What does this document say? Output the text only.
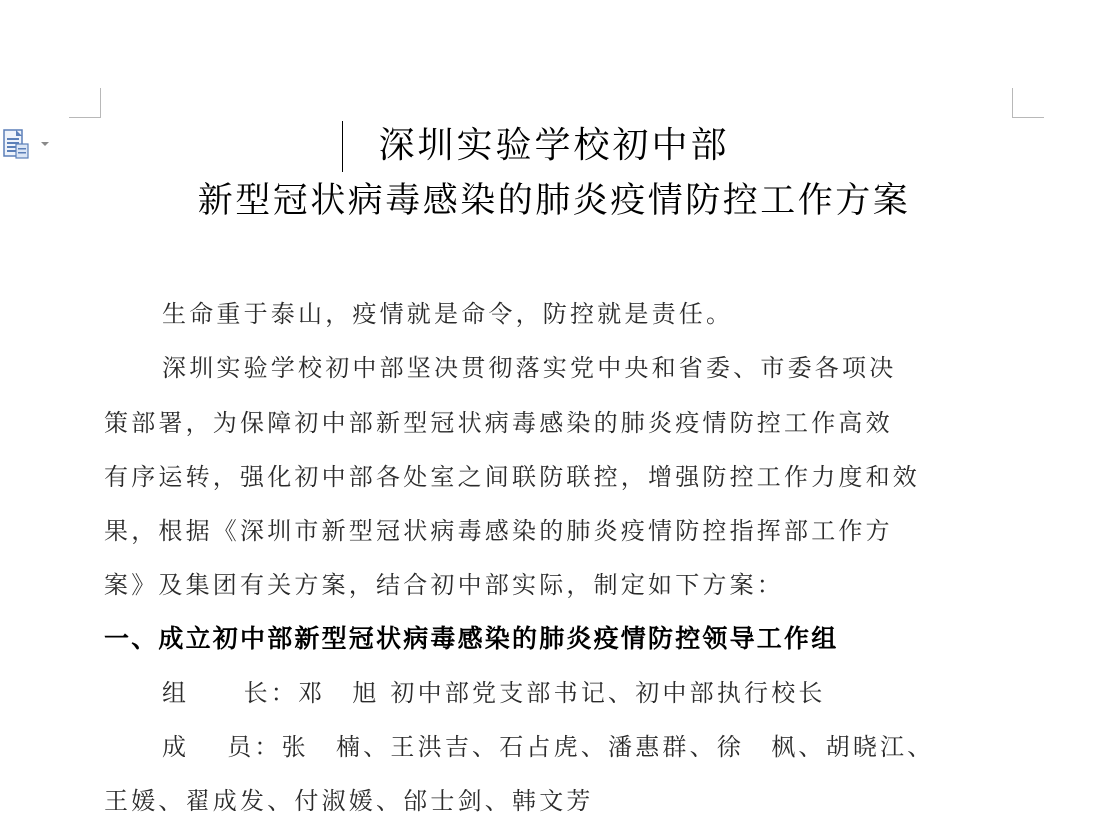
深圳实验学校初中部
新型冠状病毒感染的肺炎疫情防控工作方案
生命重于泰山，疫情就是命令，防控就是责任。
深圳实验学校初中部坚决贯彻落实党中央和省委、市委各项决
策部署，为保障初中部新型冠状病毒感染的肺炎疫情防控工作高效
有序运转，强化初中部各处室之间联防联控，增强防控工作力度和效
果，根据《深圳市新型冠状病毒感染的肺炎疫情防控指挥部工作方
案》及集团有关方案，结合初中部实际，制定如下方案：
一、成立初中部新型冠状病毒感染的肺炎疫情防控领导工作组
组　　长：邓　旭 初中部党支部书记、初中部执行校长
成　 员：张　楠、王洪吉、石占虎、潘惠群、徐　枫、胡晓江、
王媛、翟成发、付淑媛、邰士剑、韩文芳
